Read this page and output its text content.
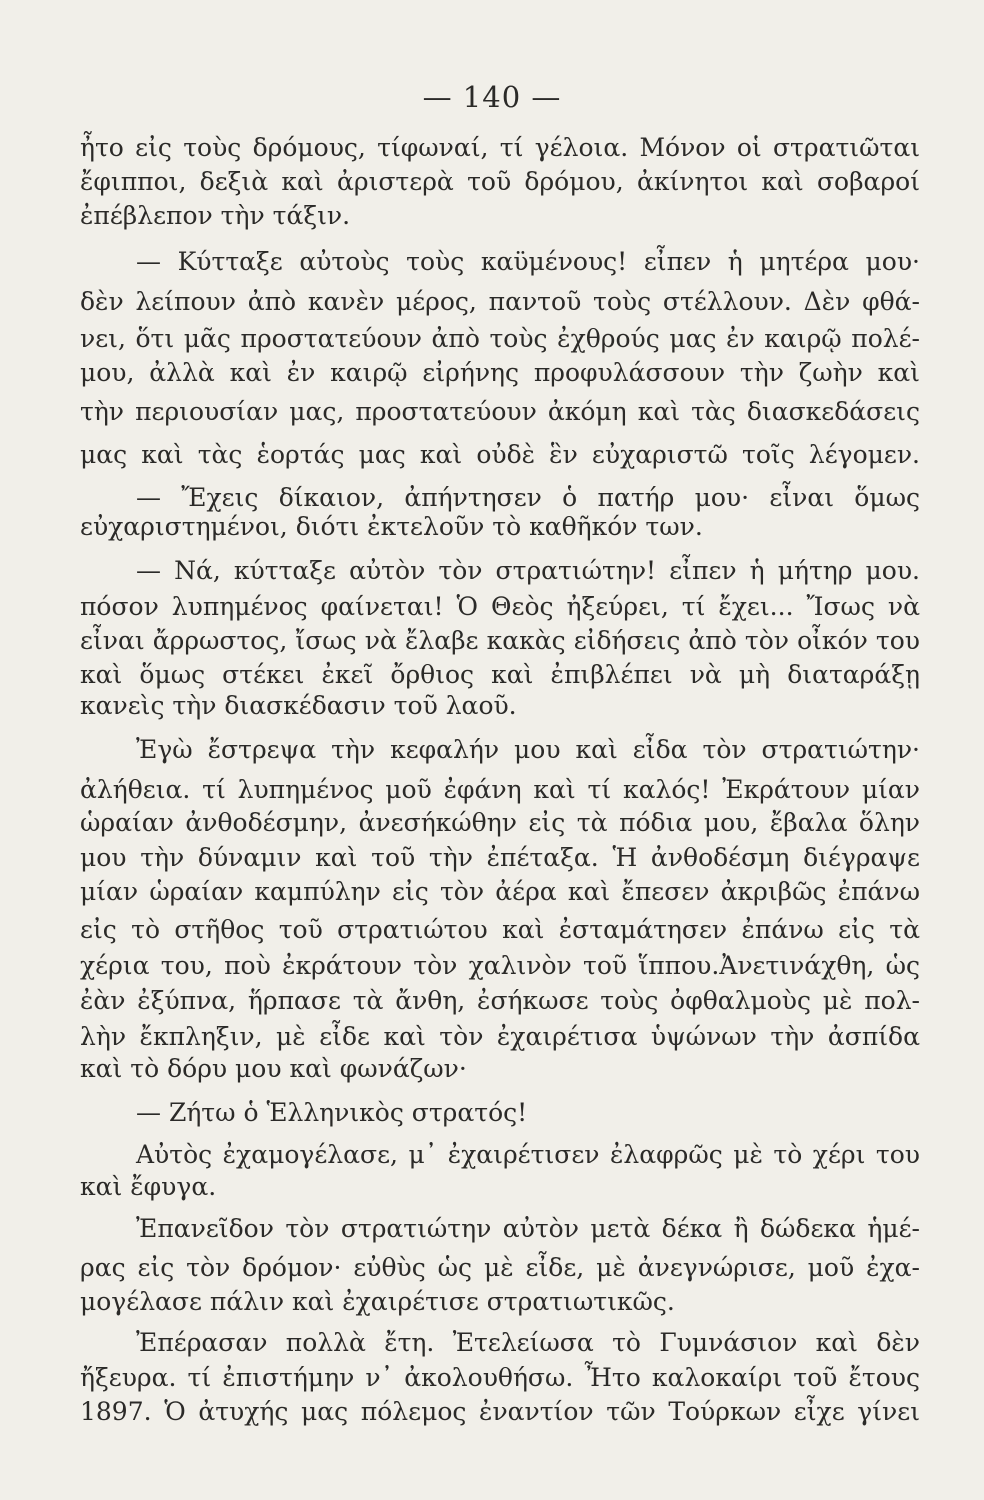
— 140 —
ἦτο εἰς τοὺς δρόμους, τίφωναί, τί γέλοια. Μόνον οἱ στρατιῶται
ἔφιπποι, δεξιὰ καὶ ἀριστερὰ τοῦ δρόμου, ἀκίνητοι καὶ σοβαροί
ἐπέβλεπον τὴν τάξιν.
— Κύτταξε αὐτοὺς τοὺς καϋμένους! εἶπεν ἡ μητέρα μου·
δὲν λείπουν ἀπὸ κανὲν μέρος, παντοῦ τοὺς στέλλουν. Δὲν φθά-
νει, ὅτι μᾶς προστατεύουν ἀπὸ τοὺς ἐχθρούς μας ἐν καιρῷ πολέ-
μου, ἀλλὰ καὶ ἐν καιρῷ εἰρήνης προφυλάσσουν τὴν ζωὴν καὶ
τὴν περιουσίαν μας, προστατεύουν ἀκόμη καὶ τὰς διασκεδάσεις
μας καὶ τὰς ἑορτάς μας καὶ οὐδὲ ἓν εὐχαριστῶ τοῖς λέγομεν.
— Ἔχεις δίκαιον, ἀπήντησεν ὁ πατήρ μου· εἶναι ὅμως
εὐχαριστημένοι, διότι ἐκτελοῦν τὸ καθῆκόν των.
— Νά, κύτταξε αὐτὸν τὸν στρατιώτην! εἶπεν ἡ μήτηρ μου.
πόσον λυπημένος φαίνεται! Ὁ Θεὸς ἠξεύρει, τί ἔχει... Ἴσως νὰ
εἶναι ἄρρωστος, ἴσως νὰ ἔλαβε κακὰς εἰδήσεις ἀπὸ τὸν οἶκόν του
καὶ ὅμως στέκει ἐκεῖ ὄρθιος καὶ ἐπιβλέπει νὰ μὴ διαταράξῃ
κανεὶς τὴν διασκέδασιν τοῦ λαοῦ.
Ἐγὼ ἔστρεψα τὴν κεφαλήν μου καὶ εἶδα τὸν στρατιώτην·
ἀλήθεια. τί λυπημένος μοῦ ἐφάνη καὶ τί καλός! Ἐκράτουν μίαν
ὡραίαν ἀνθοδέσμην, ἀνεσήκώθην εἰς τὰ πόδια μου, ἔβαλα ὅλην
μου τὴν δύναμιν καὶ τοῦ τὴν ἐπέταξα. Ἡ ἀνθοδέσμη διέγραψε
μίαν ὡραίαν καμπύλην εἰς τὸν ἀέρα καὶ ἔπεσεν ἀκριβῶς ἐπάνω
εἰς τὸ στῆθος τοῦ στρατιώτου καὶ ἐσταμάτησεν ἐπάνω εἰς τὰ
χέρια του, ποὺ ἐκράτουν τὸν χαλινὸν τοῦ ἵππου.Ἀνετινάχθη, ὡς
ἐὰν ἐξύπνα, ἥρπασε τὰ ἄνθη, ἐσήκωσε τοὺς ὀφθαλμοὺς μὲ πολ-
λὴν ἔκπληξιν, μὲ εἶδε καὶ τὸν ἐχαιρέτισα ὑψώνων τὴν ἀσπίδα
καὶ τὸ δόρυ μου καὶ φωνάζων·
— Ζήτω ὁ Ἑλληνικὸς στρατός!
Αὐτὸς ἐχαμογέλασε, μ᾿ ἐχαιρέτισεν ἐλαφρῶς μὲ τὸ χέρι του
καὶ ἔφυγα.
Ἐπανεῖδον τὸν στρατιώτην αὐτὸν μετὰ δέκα ἢ δώδεκα ἡμέ-
ρας εἰς τὸν δρόμον· εὐθὺς ὡς μὲ εἶδε, μὲ ἀνεγνώρισε, μοῦ ἐχα-
μογέλασε πάλιν καὶ ἐχαιρέτισε στρατιωτικῶς.
Ἐπέρασαν πολλὰ ἔτη. Ἐτελείωσα τὸ Γυμνάσιον καὶ δὲν
ἤξευρα. τί ἐπιστήμην ν᾿ ἀκολουθήσω. Ἦτο καλοκαίρι τοῦ ἔτους
1897. Ὁ ἀτυχής μας πόλεμος ἐναντίον τῶν Τούρκων εἶχε γίνει
